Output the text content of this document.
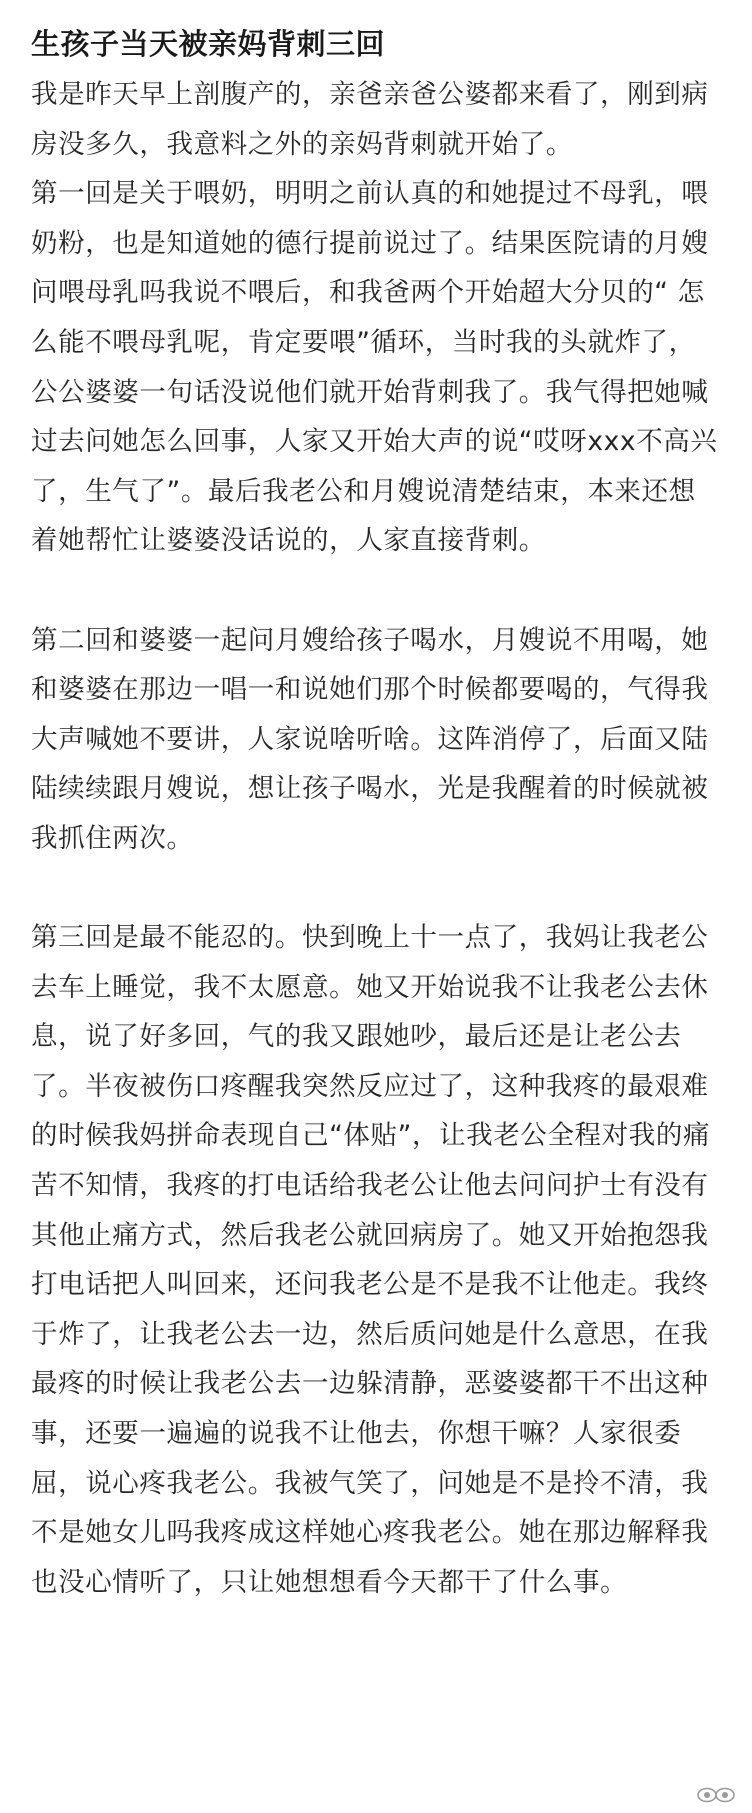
生孩子当天被亲妈背刺三回

我是昨天早上剖腹产的，亲爸亲爸公婆都来看了，刚到病房没多久，我意料之外的亲妈背刺就开始了。

第一回是关于喂奶，明明之前认真的和她提过不母乳，喂奶粉，也是知道她的德行提前说过了。结果医院请的月嫂问喂母乳吗我说不喂后，和我爸两个开始超大分贝的“ 怎么能不喂母乳呢，肯定要喂”循环，当时我的头就炸了，公公婆婆一句话没说他们就开始背刺我了。我气得把她喊过去问她怎么回事，人家又开始大声的说“哎呀xxx不高兴了，生气了”。最后我老公和月嫂说清楚结束，本来还想着她帮忙让婆婆没话说的，人家直接背刺。

第二回和婆婆一起问月嫂给孩子喝水，月嫂说不用喝，她和婆婆在那边一唱一和说她们那个时候都要喝的，气得我大声喊她不要讲，人家说啥听啥。这阵消停了，后面又陆陆续续跟月嫂说，想让孩子喝水，光是我醒着的时候就被我抓住两次。

第三回是最不能忍的。快到晚上十一点了，我妈让我老公去车上睡觉，我不太愿意。她又开始说我不让我老公去休息，说了好多回，气的我又跟她吵，最后还是让老公去了。半夜被伤口疼醒我突然反应过了，这种我疼的最艰难的时候我妈拼命表现自己“体贴”，让我老公全程对我的痛苦不知情，我疼的打电话给我老公让他去问问护士有没有其他止痛方式，然后我老公就回病房了。她又开始抱怨我打电话把人叫回来，还问我老公是不是我不让他走。我终于炸了，让我老公去一边，然后质问她是什么意思，在我最疼的时候让我老公去一边躲清静，恶婆婆都干不出这种事，还要一遍遍的说我不让他去，你想干嘛？人家很委屈，说心疼我老公。我被气笑了，问她是不是拎不清，我不是她女儿吗我疼成这样她心疼我老公。她在那边解释我也没心情听了，只让她想想看今天都干了什么事。
